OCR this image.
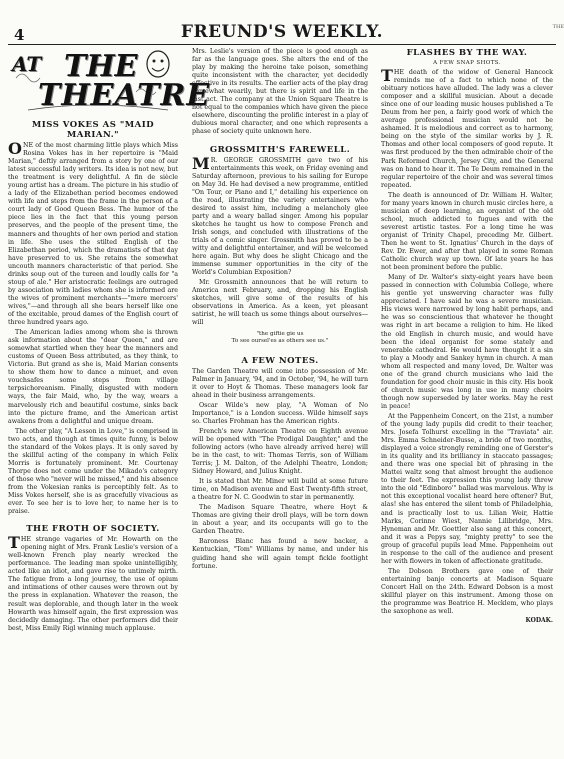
4	FREUND'S WEEKLY.	THE
AT THE
THEATRE
MISS VOKES AS "MAID MARIAN."

ONE of the most charming little plays which Miss Rosina Vokes has in her repertoire is "Maid Marian," deftly arranged from a story by one of our latest successful lady writers. Its idea is not new, but the treatment is very delightful. A fin de siècle young artist has a dream. The picture in his studio of a lady of the Elizabethan period becomes endowed with life and steps from the frame in the person of a court lady of Good Queen Bess. The humor of the piece lies in the fact that this young person preserves, and the people of the present time, the manners and thoughts of her own period and station in life. She uses the stilted English of the Elizabethan period, which the dramatists of that day have preserved to us. She retains the somewhat uncouth manners characteristic of that period. She drinks soup out of the tureen and loudly calls for "a stoup of ale." Her aristocratic feelings are outraged by association with ladies whom she is informed are the wives of prominent merchants—"mere mercers' wives,"—and through all she bears herself like one of the excitable, proud dames of the English court of three hundred years ago.

The American ladies among whom she is thrown ask information about the "dear Queen," and are somewhat startled when they hear the manners and customs of Queen Bess attributed, as they think, to Victoria. But grand as she is, Maid Marian consents to show them how to dance a minuet, and even vouchsafes some steps from village terpsichoreanism. Finally, disgusted with modern ways, the fair Maid, who, by the way, wears a marvelously rich and beautiful costume, sinks back into the picture frame, and the American artist awakens from a delightful and unique dream.

The other play, "A Lesson in Love," is comprised in two acts, and though at times quite funny, is below the standard of the Vokes plays. It is only saved by the skillful acting of the company in which Felix Morris is fortunately prominent. Mr. Courtenay Thorpe does not come under the Mikado's category of those who "never will be missed," and his absence from the Vokesian ranks is perceptibly felt. As to Miss Vokes herself, she is as gracefully vivacious as ever. To see her is to love her, to name her is to praise.

THE FROTH OF SOCIETY.

THE strange vagaries of Mr. Howarth on the opening night of Mrs. Frank Leslie's version of a well-known French play nearly wrecked the performance. The leading man spoke unintelligibly, acted like an idiot, and gave rise to untimely mirth. The fatigue from a long journey, the use of opium and intimations of other causes were thrown out by the press in explanation. Whatever the reason, the result was deplorable, and though later in the week Howarth was himself again, the first expression was decidedly damaging. The other performers did their best, Miss Emily Rigl winning much applause.

Mrs. Leslie's version of the piece is good enough as far as the language goes. She alters the end of the play by making the heroine take poison, something quite inconsistent with the character, yet decidedly effective in its results. The earlier acts of the play drag somewhat wearily, but there is spirit and life in the last act. The company at the Union Square Theatre is not equal to the companies which have given the piece elsewhere, discounting the prolific interest in a play of dubious moral character, and one which represents a phase of society quite unknown here.

GROSSMITH'S FAREWELL.

MR. GEORGE GROSSMITH gave two of his entertainments this week, on Friday evening and Saturday afternoon, previous to his sailing for Europe on May 3d. He had devised a new programme, entitled "On Tour, or Piano and I," detailing his experience on the road, illustrating the variety entertainers who desired to assist him, including a melancholy glee party and a weary ballad singer. Among his popular sketches he taught us how to compose French and Irish songs, and concluded with illustrations of the trials of a comic singer. Grossmith has proved to be a witty and delightful entertainer, and will be welcomed here again. But why does he slight Chicago and the immense summer opportunities in the city of the World's Columbian Exposition?

Mr. Grossmith announces that he will return to America next February, and, dropping his English sketches, will give some of the results of his observations in America. As a keen, yet pleasant satirist, he will teach us some things about ourselves—will

"the giftie gie us
To see oursel'es as others see us."
A FEW NOTES.

The Garden Theatre will come into possession of Mr. Palmer in January, '94, and in October, '94, he will turn it over to Hoyt & Thomas. These managers look far ahead in their business arrangements.

Oscar Wilde's new play, "A Woman of No Importance," is a London success. Wilde himself says so. Charles Frohman has the American rights.

French's new American Theatre on Eighth avenue will be opened with "The Prodigal Daughter," and the following actors (who have already arrived here) will be in the cast, to wit: Thomas Terris, son of William Terris; J. M. Dalton, of the Adelphi Theatre, London; Sidney Howard, and Julius Knight.

It is stated that Mr. Miner will build at some future time, on Madison avenue and East Twenty-fifth street, a theatre for N. C. Goodwin to star in permanently.

The Madison Square Theatre, where Hoyt & Thomas are giving their droll plays, will be torn down in about a year, and its occupants will go to the Garden Theatre.

Baroness Blanc has found a new backer, a Kentuckian, "Tom" Williams by name, and under his guiding hand she will again tempt fickle footlight fortune.

FLASHES BY THE WAY.
A FEW SNAP SHOTS.

THE death of the widow of General Hancock reminds me of a fact to which none of the obituary notices have alluded. The lady was a clever composer and a skillful musician. About a decade since one of our leading music houses published a Te Deum from her pen, a fairly good work of which the average professional musician would not be ashamed. It is melodious and correct as to harmony, being on the style of the similar works by J. R. Thomas and other local composers of good repute. It was first produced by the then admirable choir of the Park Reformed Church, Jersey City, and the General was on hand to hear it. The Te Deum remained in the regular repertoire of the choir and was several times repeated.

The death is announced of Dr. William H. Walter, for many years known in church music circles here, a musician of deep learning, an organist of the old school, much addicted to fugues and with the severest artistic tastes. For a long time he was organist of Trinity Chapel, preceding Mr. Gilbert. Then he went to St. Ignatius' Church in the days of Rev. Dr. Ewer, and after that played in some Roman Catholic church way up town. Of late years he has not been prominent before the public.

Many of Dr. Walter's sixty-eight years have been passed in connection with Columbia College, where his gentle yet unswerving character was fully appreciated. I have said he was a severe musician. His views were narrowed by long habit perhaps, and he was so conscientious that whatever he thought was right in art became a religion to him. He liked the old English in church music, and would have been the ideal organist for some stately and venerable cathedral. He would have thought it a sin to play a Moody and Sankey hymn in church. A man whom all respected and many loved, Dr. Walter was one of the grand church musicians who laid the foundation for good choir music in this city. His book of church music was long in use in many choirs though now superseded by later works. May he rest in peace!

At the Pappenheim Concert, on the 21st, a number of the young lady pupils did credit to their teacher, Mrs. Josefa Tolhurst excelling in the "Traviata" air. Mrs. Emma Schneider-Busse, a bride of two months, displayed a voice strongly reminding one of Gerster's in its quality and its brilliancy in staccato passages; and there was one special bit of phrasing in the Mattei waltz song that almost brought the audience to their feet. The expression this young lady threw into the old "Edinboro'" ballad was marvelous. Why is not this exceptional vocalist heard here oftener? But, alas! she has entered the silent tomb of Philadelphia, and is practically lost to us. Lilian Weir, Hattie Marks, Corinne Wiest, Nannie Lilibridge, Mrs. Hyneman and Mr. Goettler also sang at this concert, and it was a Pepys say, "mighty pretty" to see the group of graceful pupils lead Mme. Pappenheim out in response to the call of the audience and present her with flowers in token of affectionate gratitude.

The Dobson Brothers gave one of their entertaining banjo concerts at Madison Square Concert Hall on the 24th. Edward Dobson is a most skillful player on this instrument. Among those on the programme was Beatrice H. Mecklem, who plays the saxophone as well.

KODAK.
